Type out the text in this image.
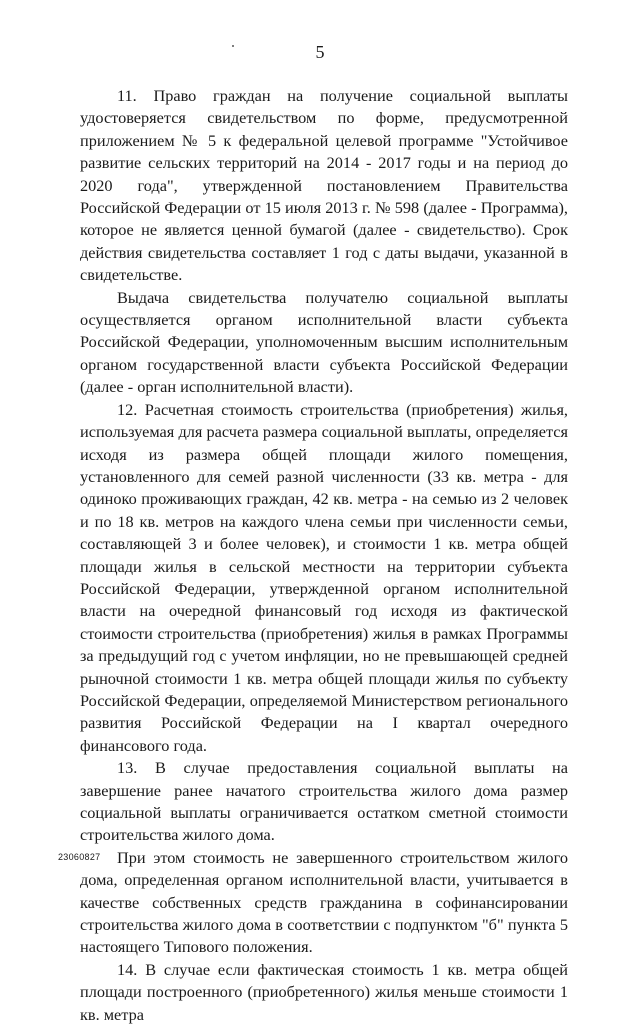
5

11. Право граждан на получение социальной выплаты удостоверяется свидетельством по форме, предусмотренной приложением № 5 к федеральной целевой программе "Устойчивое развитие сельских территорий на 2014 - 2017 годы и на период до 2020 года", утвержденной постановлением Правительства Российской Федерации от 15 июля 2013 г. № 598 (далее - Программа), которое не является ценной бумагой (далее - свидетельство). Срок действия свидетельства составляет 1 год с даты выдачи, указанной в свидетельстве.

Выдача свидетельства получателю социальной выплаты осуществляется органом исполнительной власти субъекта Российской Федерации, уполномоченным высшим исполнительным органом государственной власти субъекта Российской Федерации (далее - орган исполнительной власти).

12. Расчетная стоимость строительства (приобретения) жилья, используемая для расчета размера социальной выплаты, определяется исходя из размера общей площади жилого помещения, установленного для семей разной численности (33 кв. метра - для одиноко проживающих граждан, 42 кв. метра - на семью из 2 человек и по 18 кв. метров на каждого члена семьи при численности семьи, составляющей 3 и более человек), и стоимости 1 кв. метра общей площади жилья в сельской местности на территории субъекта Российской Федерации, утвержденной органом исполнительной власти на очередной финансовый год исходя из фактической стоимости строительства (приобретения) жилья в рамках Программы за предыдущий год с учетом инфляции, но не превышающей средней рыночной стоимости 1 кв. метра общей площади жилья по субъекту Российской Федерации, определяемой Министерством регионального развития Российской Федерации на I квартал очередного финансового года.

13. В случае предоставления социальной выплаты на завершение ранее начатого строительства жилого дома размер социальной выплаты ограничивается остатком сметной стоимости строительства жилого дома.

При этом стоимость не завершенного строительством жилого дома, определенная органом исполнительной власти, учитывается в качестве собственных средств гражданина в софинансировании строительства жилого дома в соответствии с подпунктом "б" пункта 5 настоящего Типового положения.

14. В случае если фактическая стоимость 1 кв. метра общей площади построенного (приобретенного) жилья меньше стоимости 1 кв. метра

23060827
